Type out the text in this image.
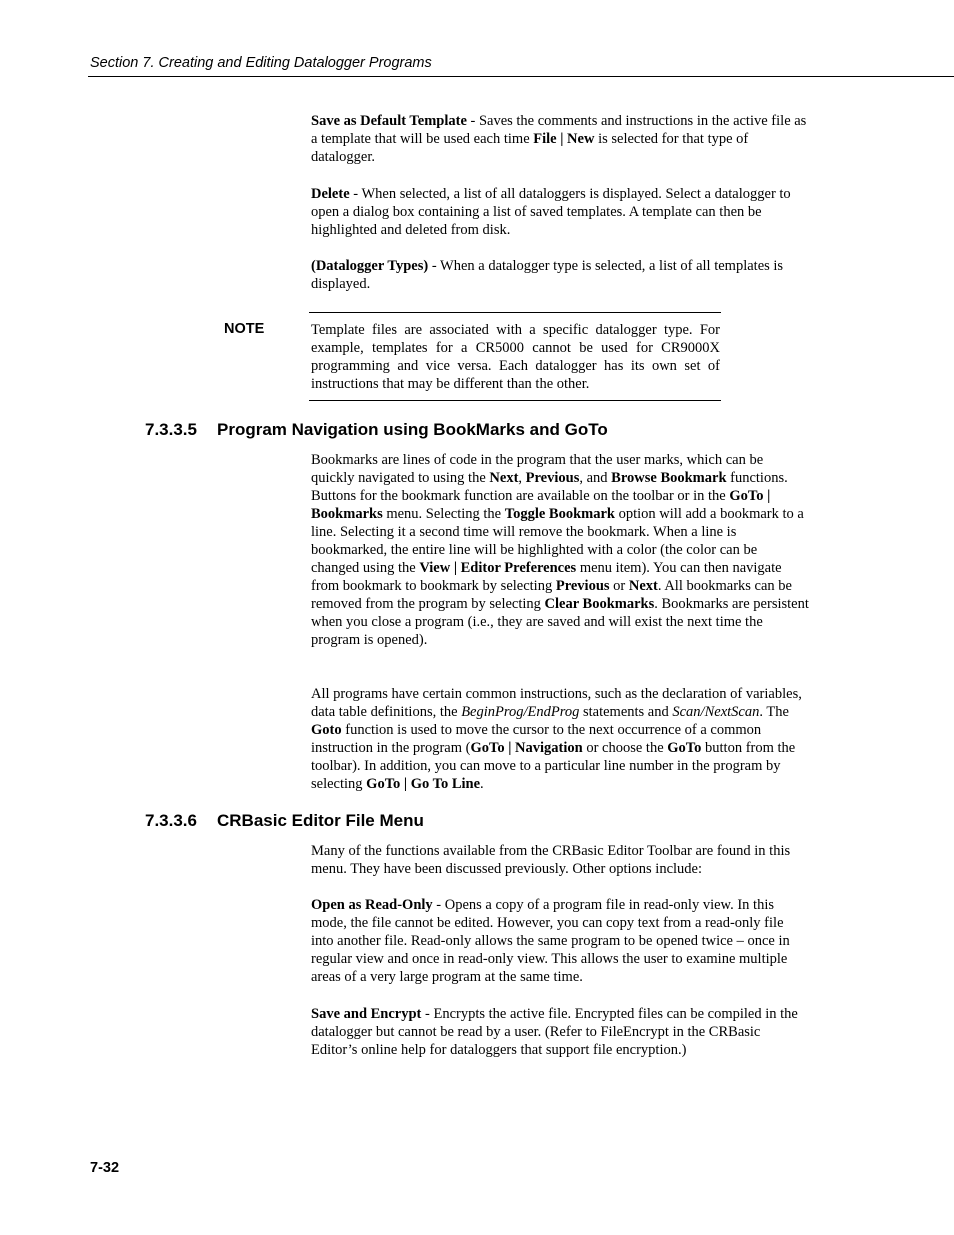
Section 7. Creating and Editing Datalogger Programs

Save as Default Template - Saves the comments and instructions in the active file as a template that will be used each time File | New is selected for that type of datalogger.

Delete - When selected, a list of all dataloggers is displayed. Select a datalogger to open a dialog box containing a list of saved templates. A template can then be highlighted and deleted from disk.

(Datalogger Types) - When a datalogger type is selected, a list of all templates is displayed.

NOTE	Template files are associated with a specific datalogger type. For example, templates for a CR5000 cannot be used for CR9000X programming and vice versa. Each datalogger has its own set of instructions that may be different than the other.

7.3.3.5 Program Navigation using BookMarks and GoTo

Bookmarks are lines of code in the program that the user marks, which can be quickly navigated to using the Next, Previous, and Browse Bookmark functions. Buttons for the bookmark function are available on the toolbar or in the GoTo | Bookmarks menu. Selecting the Toggle Bookmark option will add a bookmark to a line. Selecting it a second time will remove the bookmark. When a line is bookmarked, the entire line will be highlighted with a color (the color can be changed using the View | Editor Preferences menu item). You can then navigate from bookmark to bookmark by selecting Previous or Next. All bookmarks can be removed from the program by selecting Clear Bookmarks. Bookmarks are persistent when you close a program (i.e., they are saved and will exist the next time the program is opened).

All programs have certain common instructions, such as the declaration of variables, data table definitions, the BeginProg/EndProg statements and Scan/NextScan. The Goto function is used to move the cursor to the next occurrence of a common instruction in the program (GoTo | Navigation or choose the GoTo button from the toolbar). In addition, you can move to a particular line number in the program by selecting GoTo | Go To Line.

7.3.3.6 CRBasic Editor File Menu

Many of the functions available from the CRBasic Editor Toolbar are found in this menu. They have been discussed previously. Other options include:

Open as Read-Only - Opens a copy of a program file in read-only view. In this mode, the file cannot be edited. However, you can copy text from a read-only file into another file. Read-only allows the same program to be opened twice – once in regular view and once in read-only view. This allows the user to examine multiple areas of a very large program at the same time.

Save and Encrypt - Encrypts the active file. Encrypted files can be compiled in the datalogger but cannot be read by a user. (Refer to FileEncrypt in the CRBasic Editor’s online help for dataloggers that support file encryption.)

7-32
